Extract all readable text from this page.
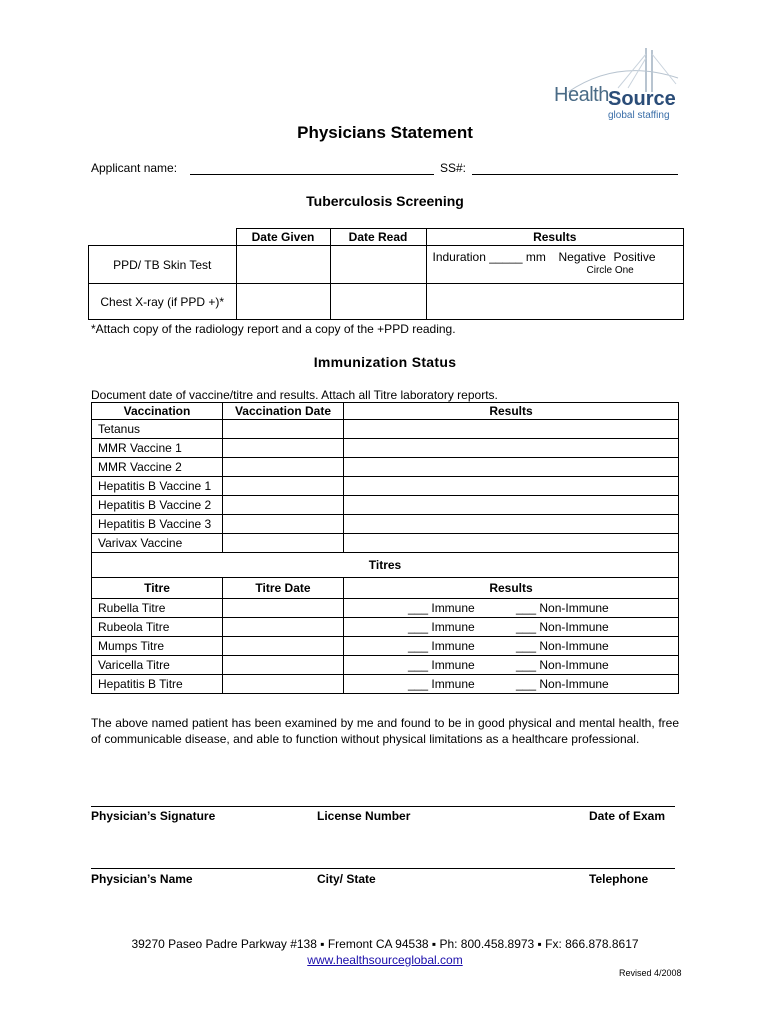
Health Source
global staffing
Physicians Statement
Applicant name:	SS#:
Tuberculosis Screening
	Date Given	Date Read	Results
PPD/ TB Skin Test			Induration _____ mm Negative Positive
Circle One

Chest X-ray (if PPD +)*			
*Attach copy of the radiology report and a copy of the +PPD reading.
Immunization Status
Document date of vaccine/titre and results. Attach all Titre laboratory reports.
Vaccination	Vaccination Date	Results
Tetanus		
MMR Vaccine 1		
MMR Vaccine 2		
Hepatitis B Vaccine 1		
Hepatitis B Vaccine 2		
Hepatitis B Vaccine 3		
Varivax Vaccine		
Titres		
Titre	Titre Date	Results
Rubella Titre		___ Immune ___ Non-Immune

Rubeola Titre		___ Immune ___ Non-Immune

Mumps Titre		___ Immune ___ Non-Immune

Varicella Titre		___ Immune ___ Non-Immune

Hepatitis B Titre		___ Immune ___ Non-Immune
The above named patient has been examined by me and found to be in good physical and mental health, free of communicable disease, and able to function without physical limitations as a healthcare professional.
Physician’s Signature	License Number	Date of Exam
Physician’s Name	City/ State	Telephone
39270 Paseo Padre Parkway #138 ▪ Fremont CA 94538 ▪ Ph: 800.458.8973 ▪ Fx: 866.878.8617
www.healthsourceglobal.com
Revised 4/2008
